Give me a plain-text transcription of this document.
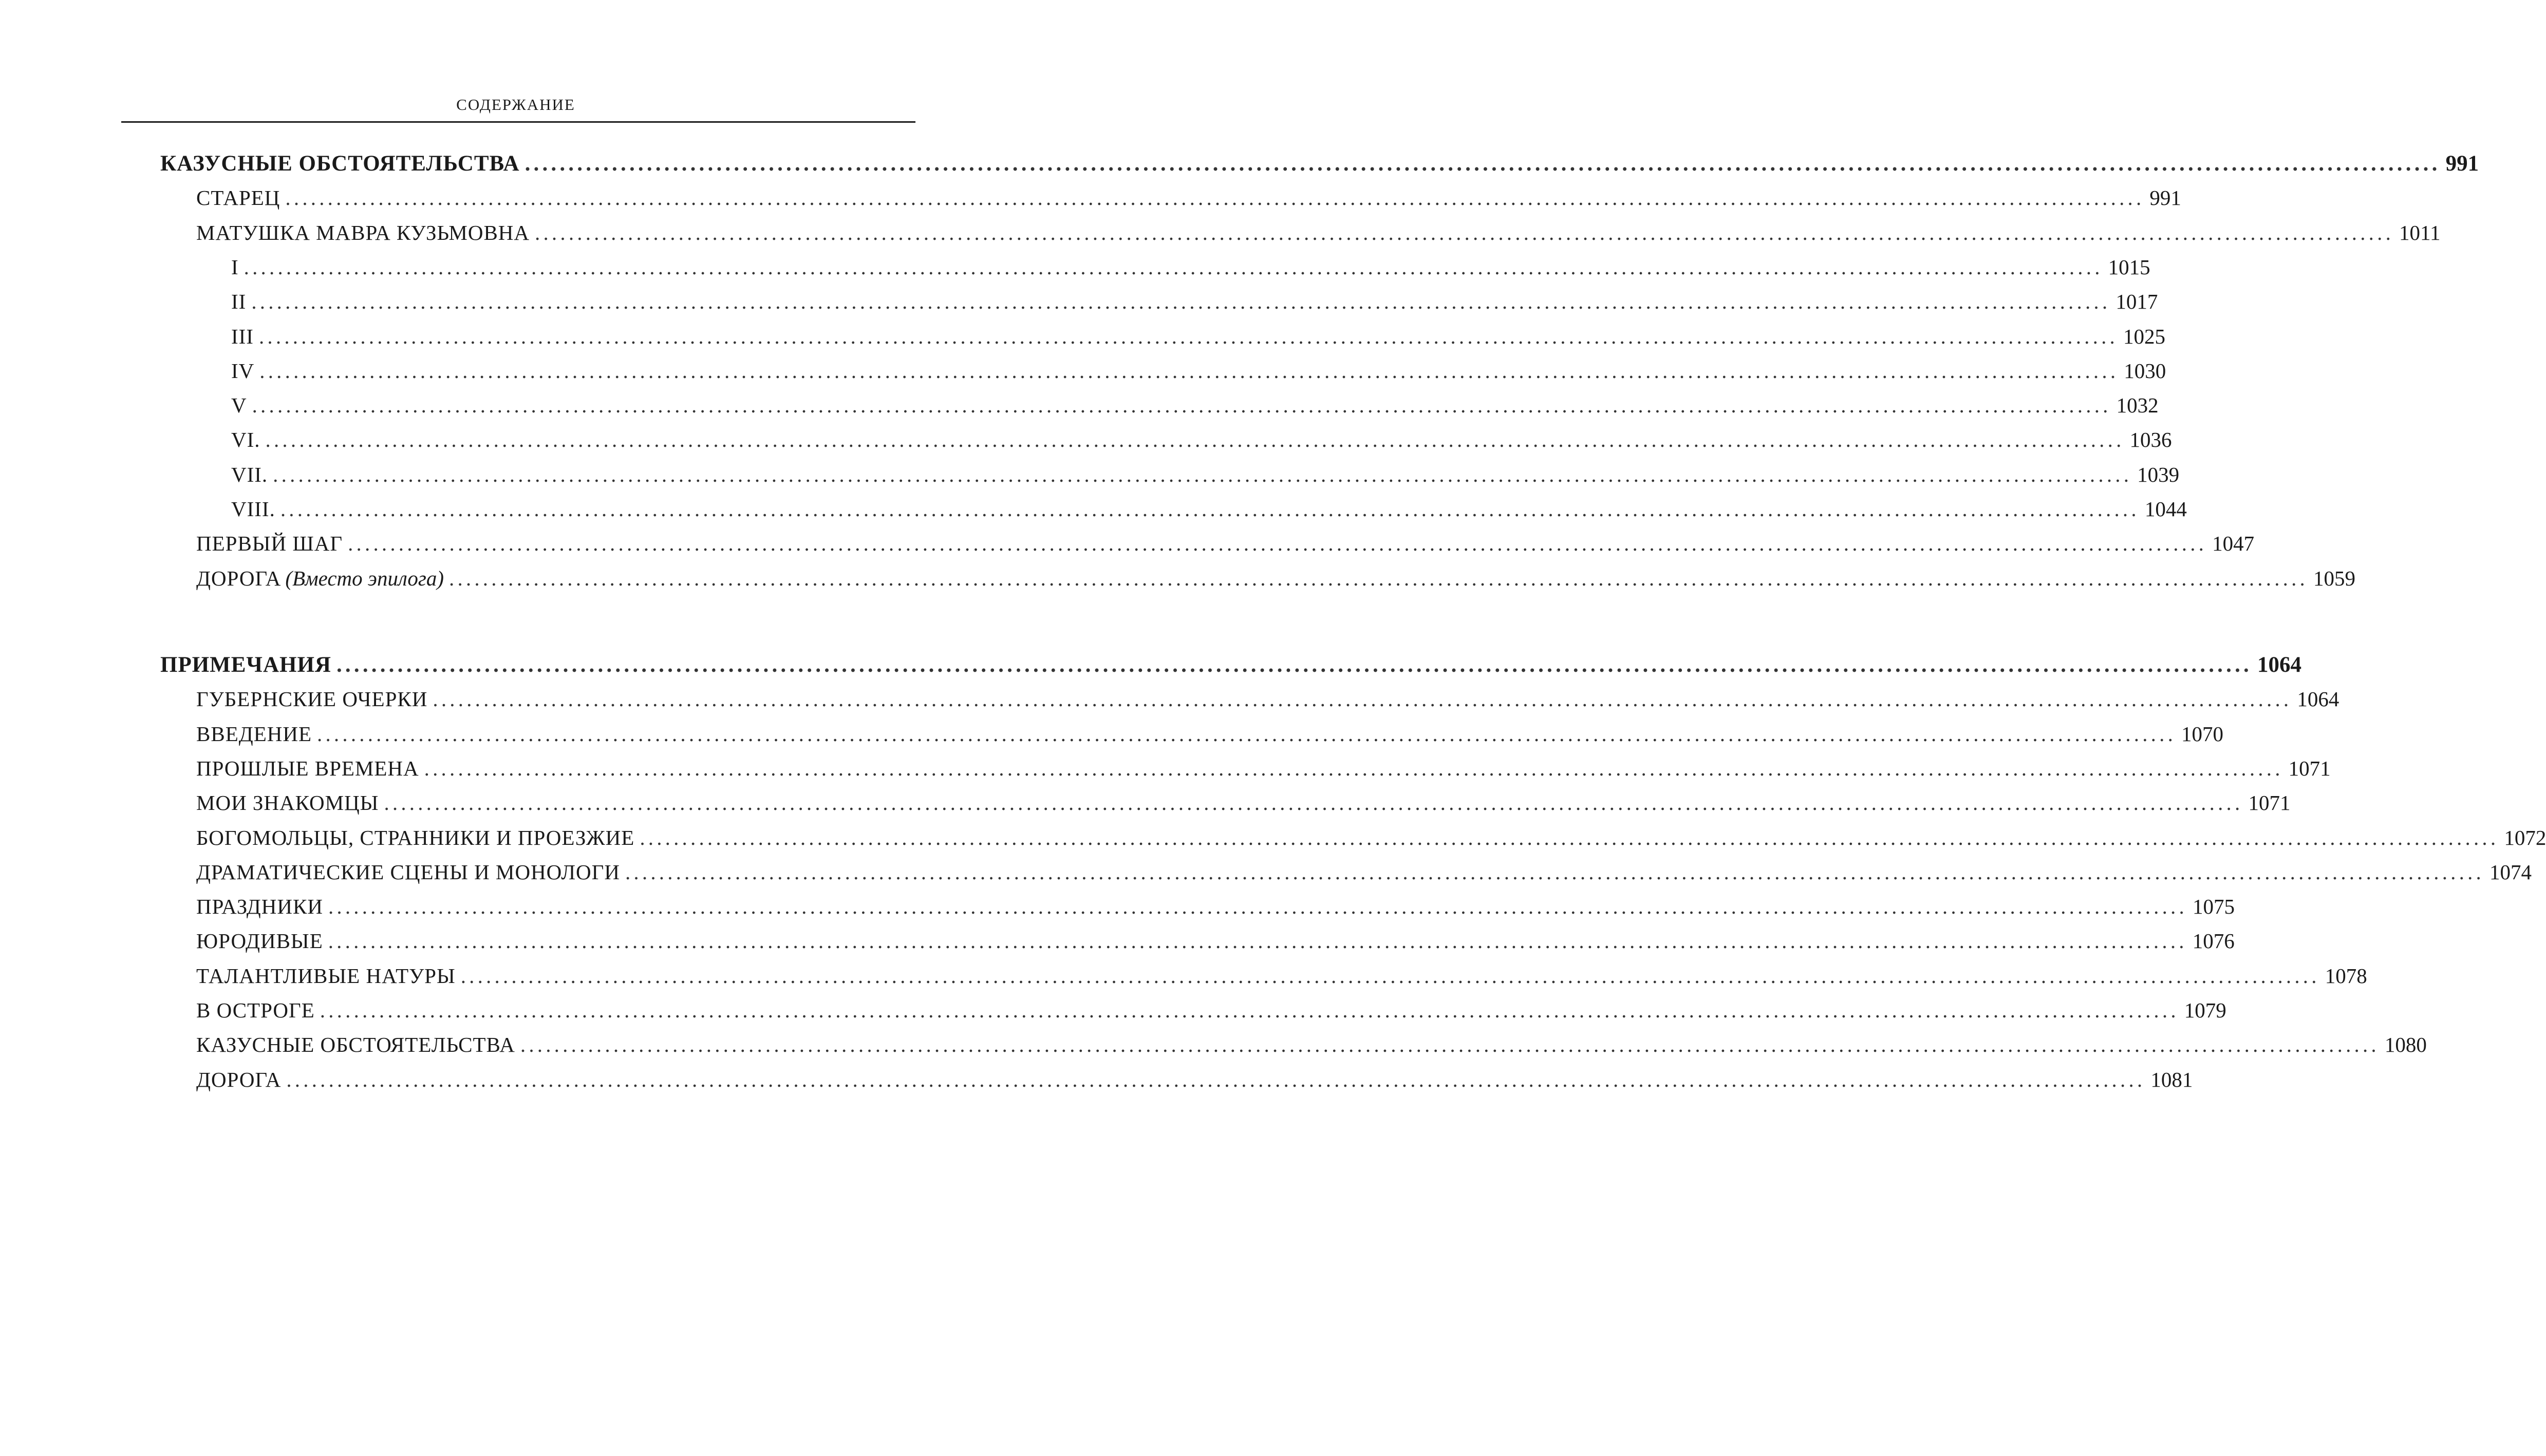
СОДЕРЖАНИЕ
КАЗУСНЫЕ ОБСТОЯТЕЛЬСТВА ............................................................................................................................................................................................................................ 991
СТАРЕЦ ............................................................................................................................................................................................................................ 991
МАТУШКА МАВРА КУЗЬМОВНА ............................................................................................................................................................................................................................ 1011
I ............................................................................................................................................................................................................................ 1015
II ............................................................................................................................................................................................................................ 1017
III ............................................................................................................................................................................................................................ 1025
IV ............................................................................................................................................................................................................................ 1030
V ............................................................................................................................................................................................................................ 1032
VI. ............................................................................................................................................................................................................................ 1036
VII. ............................................................................................................................................................................................................................ 1039
VIII. ............................................................................................................................................................................................................................ 1044
ПЕРВЫЙ ШАГ ............................................................................................................................................................................................................................ 1047
ДОРОГА (Вместо эпилога) ............................................................................................................................................................................................................................ 1059
ПРИМЕЧАНИЯ ............................................................................................................................................................................................................................ 1064
ГУБЕРНСКИЕ ОЧЕРКИ ............................................................................................................................................................................................................................ 1064
ВВЕДЕНИЕ ............................................................................................................................................................................................................................ 1070
ПРОШЛЫЕ ВРЕМЕНА ............................................................................................................................................................................................................................ 1071
МОИ ЗНАКОМЦЫ ............................................................................................................................................................................................................................ 1071
БОГОМОЛЬЦЫ, СТРАННИКИ И ПРОЕЗЖИЕ ............................................................................................................................................................................................................................ 1072
ДРАМАТИЧЕСКИЕ СЦЕНЫ И МОНОЛОГИ ............................................................................................................................................................................................................................ 1074
ПРАЗДНИКИ ............................................................................................................................................................................................................................ 1075
ЮРОДИВЫЕ ............................................................................................................................................................................................................................ 1076
ТАЛАНТЛИВЫЕ НАТУРЫ ............................................................................................................................................................................................................................ 1078
В ОСТРОГЕ ............................................................................................................................................................................................................................ 1079
КАЗУСНЫЕ ОБСТОЯТЕЛЬСТВА ............................................................................................................................................................................................................................ 1080
ДОРОГА ............................................................................................................................................................................................................................ 1081
